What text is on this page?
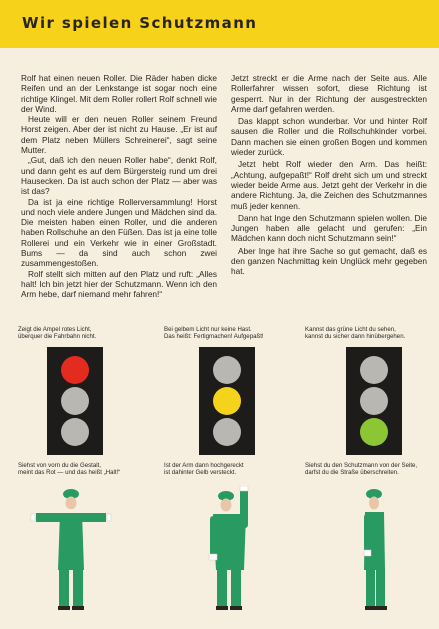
Wir spielen Schutzmann

Rolf hat einen neuen Roller. Die Räder haben dicke Reifen und an der Lenkstange ist sogar noch eine richtige Klingel. Mit dem Roller rollert Rolf schnell wie der Wind.

Heute will er den neuen Roller seinem Freund Horst zeigen. Aber der ist nicht zu Hause. „Er ist auf dem Platz neben Müllers Schreinerei“, sagt seine Mutter.

„Gut, daß ich den neuen Roller habe“, denkt Rolf, und dann geht es auf dem Bürgersteig rund um drei Hausecken. Da ist auch schon der Platz — aber was ist das?

Da ist ja eine richtige Rollerversammlung! Horst und noch viele andere Jungen und Mädchen sind da. Die meisten haben einen Roller, und die anderen haben Rollschuhe an den Füßen. Das ist ja eine tolle Rollerei und ein Verkehr wie in einer Großstadt. Bums — da sind auch schon zwei zusammengestoßen.

Rolf stellt sich mitten auf den Platz und ruft: „Alles halt! Ich bin jetzt hier der Schutzmann. Wenn ich den Arm hebe, darf niemand mehr fahren!“

Jetzt streckt er die Arme nach der Seite aus. Alle Rollerfahrer wissen sofort, diese Richtung ist gesperrt. Nur in der Richtung der ausgestreckten Arme darf gefahren werden.

Das klappt schon wunderbar. Vor und hinter Rolf sausen die Roller und die Rollschuhkinder vorbei. Dann machen sie einen großen Bogen und kommen wieder zurück.

Jetzt hebt Rolf wieder den Arm. Das heißt: „Achtung, aufgepaßt!“ Rolf dreht sich um und streckt wieder beide Arme aus. Jetzt geht der Verkehr in die andere Richtung. Ja, die Zeichen des Schutzmannes muß jeder kennen.

Dann hat Inge den Schutzmann spielen wollen. Die Jungen haben alle gelacht und gerufen: „Ein Mädchen kann doch nicht Schutzmann sein!“

Aber Inge hat ihre Sache so gut gemacht, daß es den ganzen Nachmittag kein Unglück mehr gegeben hat.

Zeigt die Ampel rotes Licht,
überquer die Fahrbahn nicht.
Bei gelbem Licht nur keine Hast.
Das heißt: Fertigmachen! Aufgepaßt!
Kannst das grüne Licht du sehen,
kannst du sicher dann hinübergehen.
Siehst von vorn du die Gestalt,
meint das Rot — und das heißt „Halt!“
Ist der Arm dann hochgereckt
ist dahinter Gelb versteckt.
Siehst du den Schutzmann von der Seite,
darfst du die Straße überschreiten.
